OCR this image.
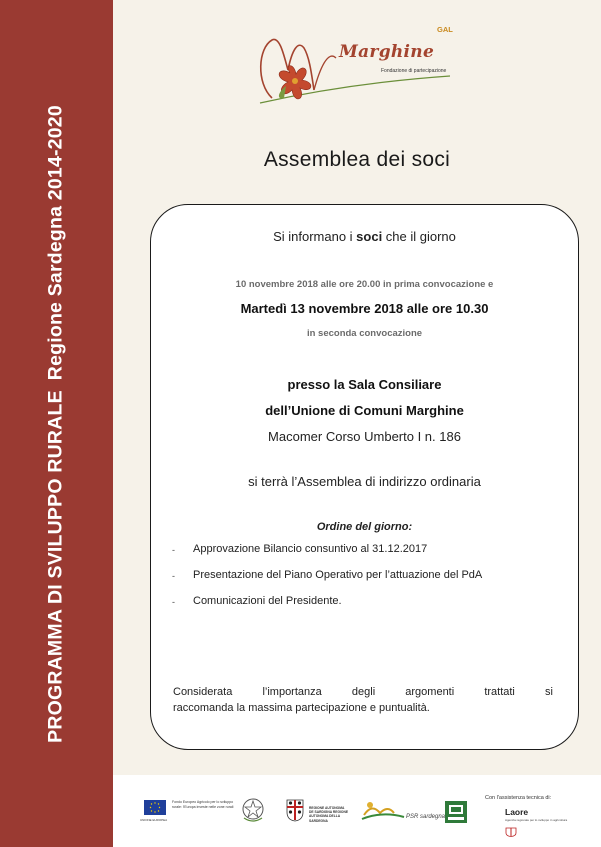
PROGRAMMA DI SVILUPPO RURALERegione Sardegna 2014-2020
GAL
Marghine
Fondazione di partecipazione
Assemblea dei soci
Si informano i soci che il giorno
10 novembre 2018 alle ore 20.00 in prima convocazione e
Martedì 13 novembre 2018 alle ore 10.30
in seconda convocazione
presso la Sala Consiliare
dell’Unione di Comuni Marghine
Macomer Corso Umberto I n. 186
si terrà l’Assemblea di indirizzo ordinaria
Ordine del giorno:
‐ Approvazione Bilancio consuntivo al 31.12.2017
‐ Presentazione del Piano Operativo per l’attuazione del PdA
‐ Comunicazioni del Presidente.
Considerata	l’importanza	degli	argomenti	trattati	si
raccomanda la massima partecipazione e puntualità.
UNIONE EUROPEA
Fondo Europeo Agricolo per lo sviluppo rurale: l'Europa investe nelle zone rurali	REGIONE AUTONOMA DE SARDIGNA REGIONE AUTONOMA DELLA SARDEGNA
PSR sardegna
Con l'assistenza tecnica di:
Laore
Agenzia regionale per lo sviluppo in agricoltura
